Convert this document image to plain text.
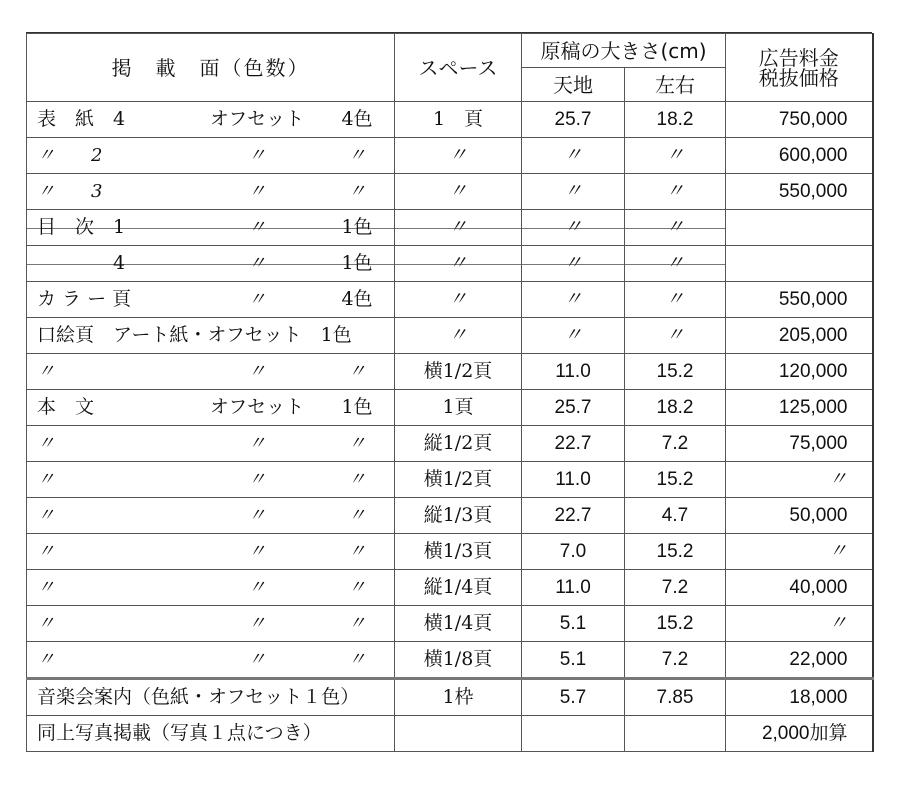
掲　載　面（色数）	スペース	原稿の大きさ(cm)		広告料金
税抜価格

		天地	左右	

表　紙　4 オフセット 4色	1　頁	25.7	18.2	750,000

〃　　2 〃 〃	〃	〃	〃	600,000

〃　　3 〃 〃	〃	〃	〃	550,000

目　次　1 〃 1色	〃	〃	〃	

　　　　4 〃 1色	〃	〃	〃	

カ ラ ー 頁 〃 4色	〃	〃	〃	550,000

口絵頁　アート紙・オフセット　1色	〃	〃	〃	205,000

〃 〃 〃	横1/2頁	11.0	15.2	120,000

本　文 オフセット 1色	1頁	25.7	18.2	125,000

〃 〃 〃	縦1/2頁	22.7	7.2	75,000

〃 〃 〃	横1/2頁	11.0	15.2	〃

〃 〃 〃	縦1/3頁	22.7	4.7	50,000

〃 〃 〃	横1/3頁	7.0	15.2	〃

〃 〃 〃	縦1/4頁	11.0	7.2	40,000

〃 〃 〃	横1/4頁	5.1	15.2	〃

〃 〃 〃	横1/8頁	5.1	7.2	22,000

音楽会案内（色紙・オフセット１色）	1枠	5.7	7.85	18,000

同上写真掲載（写真１点につき）				2,000加算
